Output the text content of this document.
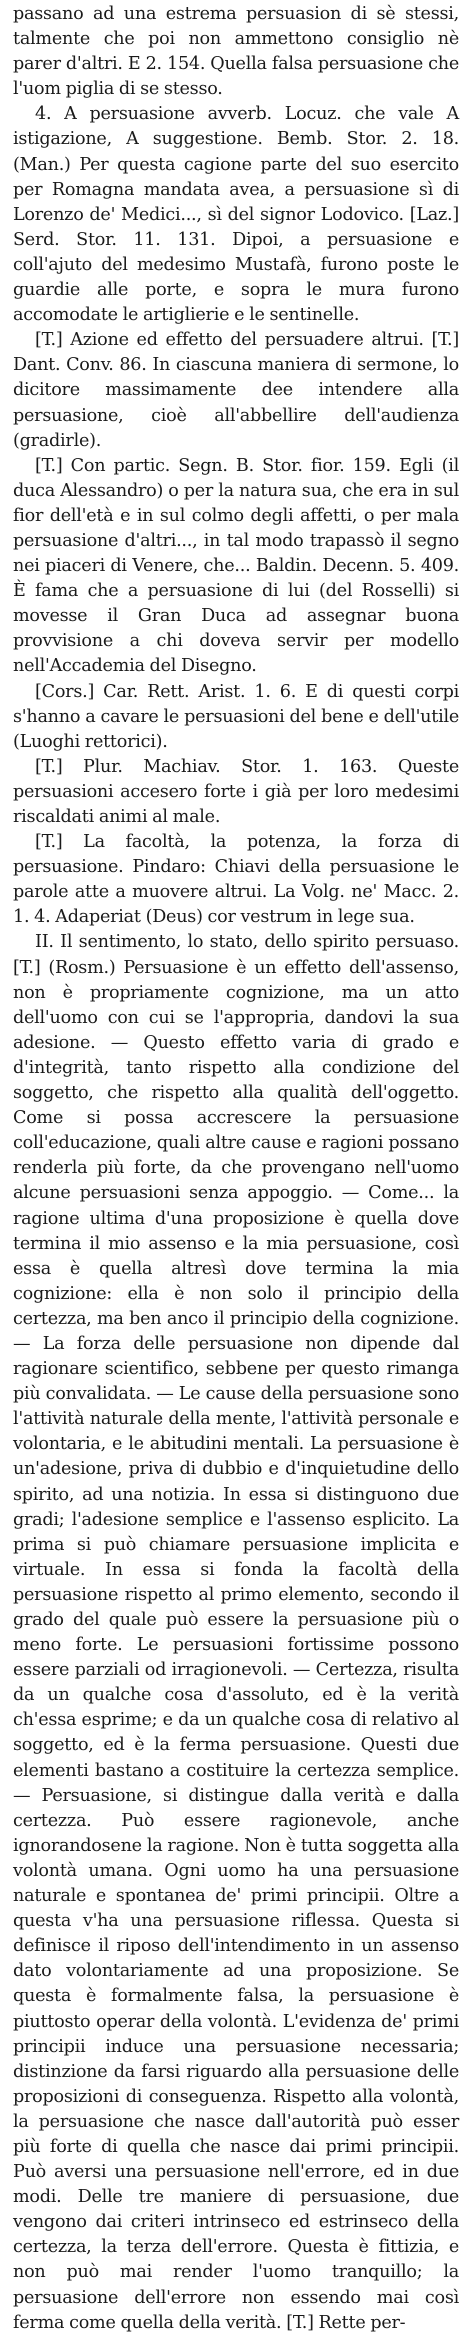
passano ad una estrema persuasion di sè stessi, talmente che poi non ammettono consiglio nè parer d'altri. E 2. 154. Quella falsa persuasione che l'uom piglia di se stesso.

4. A persuasione avverb. Locuz. che vale A istigazione, A suggestione. Bemb. Stor. 2. 18. (Man.) Per questa cagione parte del suo esercito per Romagna mandata avea, a persuasione sì di Lorenzo de' Medici..., sì del signor Lodovico. [Laz.] Serd. Stor. 11. 131. Dipoi, a persuasione e coll'ajuto del medesimo Mustafà, furono poste le guardie alle porte, e sopra le mura furono accomodate le artiglierie e le sentinelle.

[T.] Azione ed effetto del persuadere altrui. [T.] Dant. Conv. 86. In ciascuna maniera di sermone, lo dicitore massimamente dee intendere alla persuasione, cioè all'abbellire dell'audienza (gradirle).

[T.] Con partic. Segn. B. Stor. fior. 159. Egli (il duca Alessandro) o per la natura sua, che era in sul fior dell'età e in sul colmo degli affetti, o per mala persuasione d'altri..., in tal modo trapassò il segno nei piaceri di Venere, che... Baldin. Decenn. 5. 409. È fama che a persuasione di lui (del Rosselli) si movesse il Gran Duca ad assegnar buona provvisione a chi doveva servir per modello nell'Accademia del Disegno.

[Cors.] Car. Rett. Arist. 1. 6. E di questi corpi s'hanno a cavare le persuasioni del bene e dell'utile (Luoghi rettorici).

[T.] Plur. Machiav. Stor. 1. 163. Queste persuasioni accesero forte i già per loro medesimi riscaldati animi al male.

[T.] La facoltà, la potenza, la forza di persuasione. Pindaro: Chiavi della persuasione le parole atte a muovere altrui. La Volg. ne' Macc. 2. 1. 4. Adaperiat (Deus) cor vestrum in lege sua.

II. Il sentimento, lo stato, dello spirito persuaso. [T.] (Rosm.) Persuasione è un effetto dell'assenso, non è propriamente cognizione, ma un atto dell'uomo con cui se l'appropria, dandovi la sua adesione. — Questo effetto varia di grado e d'integrità, tanto rispetto alla condizione del soggetto, che rispetto alla qualità dell'oggetto. Come si possa accrescere la persuasione coll'educazione, quali altre cause e ragioni possano renderla più forte, da che provengano nell'uomo alcune persuasioni senza appoggio. — Come... la ragione ultima d'una proposizione è quella dove termina il mio assenso e la mia persuasione, così essa è quella altresì dove termina la mia cognizione: ella è non solo il principio della certezza, ma ben anco il principio della cognizione. — La forza delle persuasione non dipende dal ragionare scientifico, sebbene per questo rimanga più convalidata. — Le cause della persuasione sono l'attività naturale della mente, l'attività personale e volontaria, e le abitudini mentali. La persuasione è un'adesione, priva di dubbio e d'inquietudine dello spirito, ad una notizia. In essa si distinguono due gradi; l'adesione semplice e l'assenso esplicito. La prima si può chiamare persuasione implicita e virtuale. In essa si fonda la facoltà della persuasione rispetto al primo elemento, secondo il grado del quale può essere la persuasione più o meno forte. Le persuasioni fortissime possono essere parziali od irragionevoli. — Certezza, risulta da un qualche cosa d'assoluto, ed è la verità ch'essa esprime; e da un qualche cosa di relativo al soggetto, ed è la ferma persuasione. Questi due elementi bastano a costituire la certezza semplice. — Persuasione, si distingue dalla verità e dalla certezza. Può essere ragionevole, anche ignorandosene la ragione. Non è tutta soggetta alla volontà umana. Ogni uomo ha una persuasione naturale e spontanea de' primi principii. Oltre a questa v'ha una persuasione riflessa. Questa si definisce il riposo dell'intendimento in un assenso dato volontariamente ad una proposizione. Se questa è formalmente falsa, la persuasione è piuttosto operar della volontà. L'evidenza de' primi principii induce una persuasione necessaria; distinzione da farsi riguardo alla persuasione delle proposizioni di conseguenza. Rispetto alla volontà, la persuasione che nasce dall'autorità può esser più forte di quella che nasce dai primi principii. Può aversi una persuasione nell'errore, ed in due modi. Delle tre maniere di persuasione, due vengono dai criteri intrinseco ed estrinseco della certezza, la terza dell'errore. Questa è fittizia, e non può mai render l'uomo tranquillo; la persuasione dell'errore non essendo mai così ferma come quella della verità. [T.] Rette per-
